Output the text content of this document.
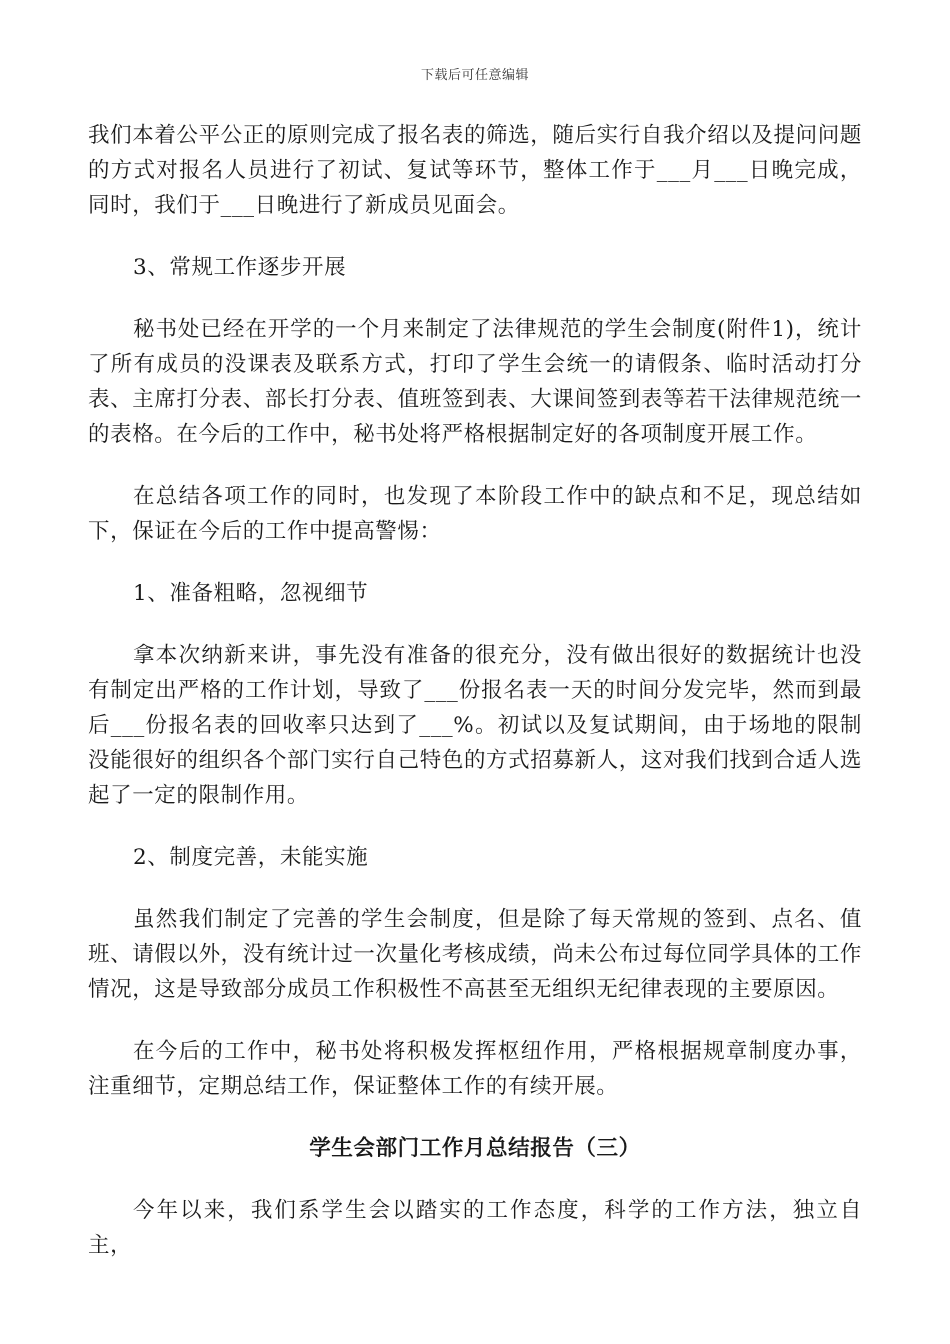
下载后可任意编辑

我们本着公平公正的原则完成了报名表的筛选，随后实行自我介绍以及提问问题的方式对报名人员进行了初试、复试等环节，整体工作于___月___日晚完成，同时，我们于___日晚进行了新成员见面会。

3、常规工作逐步开展

秘书处已经在开学的一个月来制定了法律规范的学生会制度(附件1)，统计了所有成员的没课表及联系方式，打印了学生会统一的请假条、临时活动打分表、主席打分表、部长打分表、值班签到表、大课间签到表等若干法律规范统一的表格。在今后的工作中，秘书处将严格根据制定好的各项制度开展工作。

在总结各项工作的同时，也发现了本阶段工作中的缺点和不足，现总结如下，保证在今后的工作中提高警惕：

1、准备粗略，忽视细节

拿本次纳新来讲，事先没有准备的很充分，没有做出很好的数据统计也没有制定出严格的工作计划，导致了___份报名表一天的时间分发完毕，然而到最后___份报名表的回收率只达到了___%。初试以及复试期间，由于场地的限制没能很好的组织各个部门实行自己特色的方式招募新人，这对我们找到合适人选起了一定的限制作用。

2、制度完善，未能实施

虽然我们制定了完善的学生会制度，但是除了每天常规的签到、点名、值班、请假以外，没有统计过一次量化考核成绩，尚未公布过每位同学具体的工作情况，这是导致部分成员工作积极性不高甚至无组织无纪律表现的主要原因。

在今后的工作中，秘书处将积极发挥枢纽作用，严格根据规章制度办事，注重细节，定期总结工作，保证整体工作的有续开展。

学生会部门工作月总结报告（三）

今年以来，我们系学生会以踏实的工作态度，科学的工作方法，独立自主，
